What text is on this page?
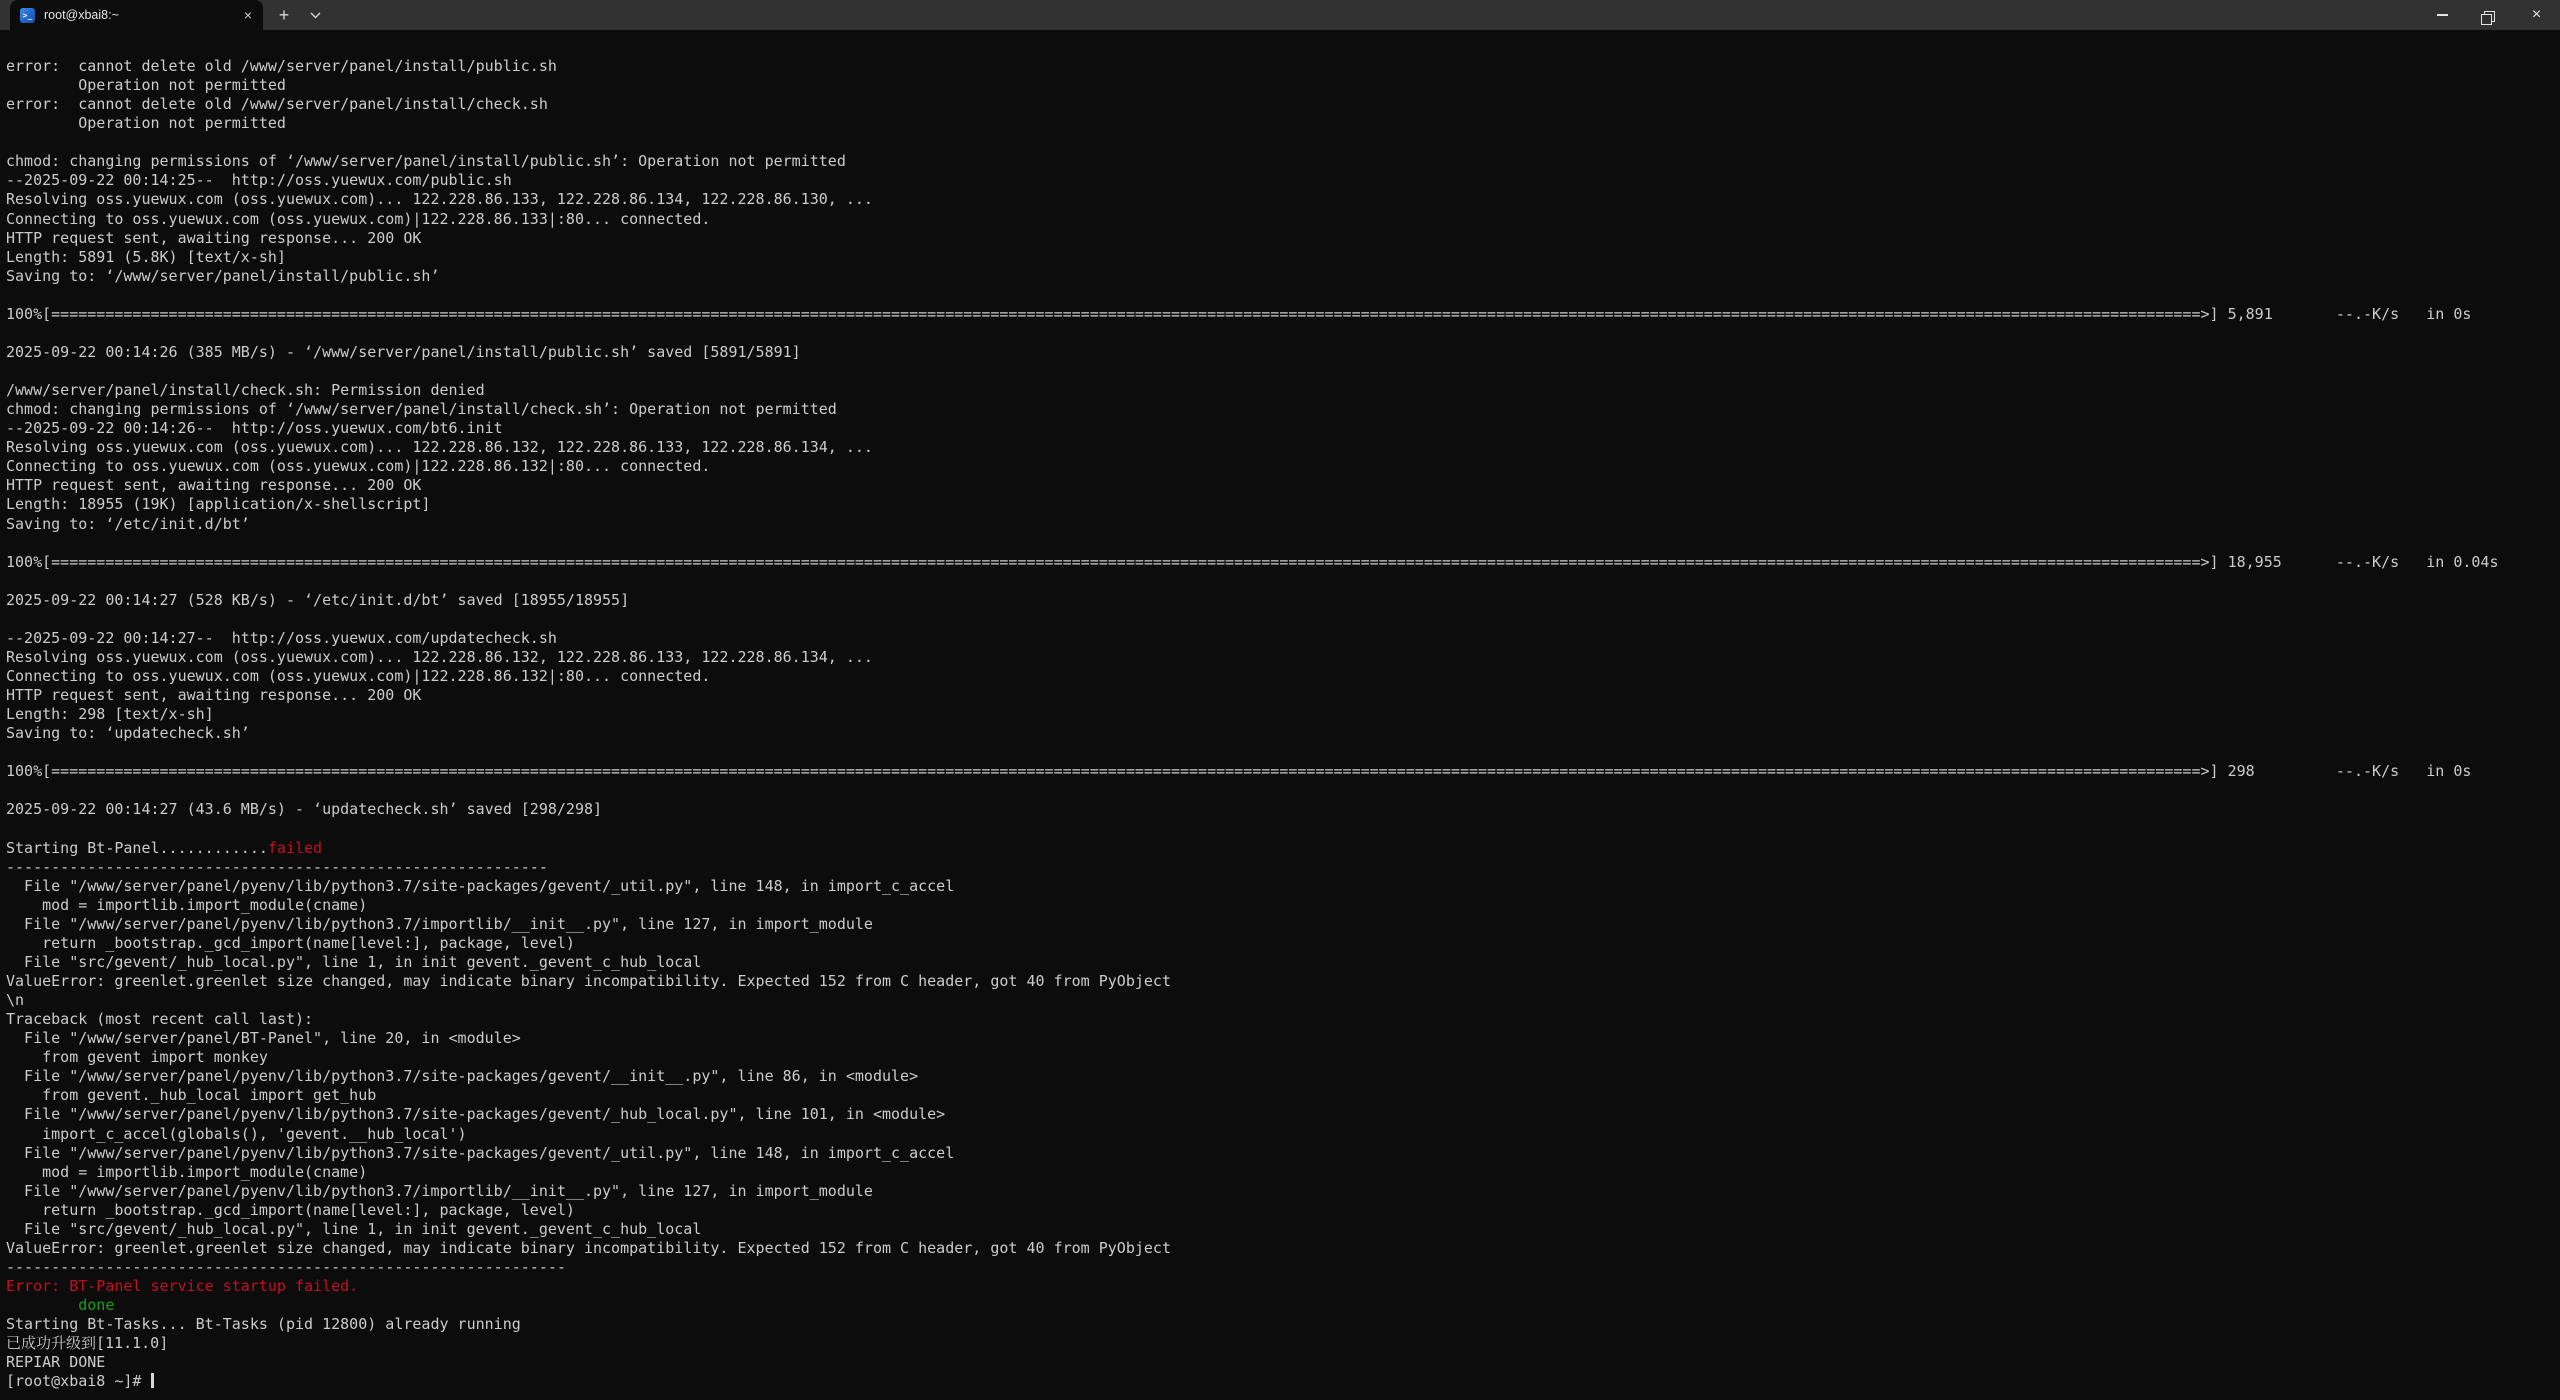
>_ root@xbai8:~	×	+	×
error:  cannot delete old /www/server/panel/install/public.sh
Operation not permitted
error:  cannot delete old /www/server/panel/install/check.sh
Operation not permitted
chmod: changing permissions of ‘/www/server/panel/install/public.sh’: Operation not permitted
--2025-09-22 00:14:25--  http://oss.yuewux.com/public.sh
Resolving oss.yuewux.com (oss.yuewux.com)... 122.228.86.133, 122.228.86.134, 122.228.86.130, ...
Connecting to oss.yuewux.com (oss.yuewux.com)|122.228.86.133|:80... connected.
HTTP request sent, awaiting response... 200 OK
Length: 5891 (5.8K) [text/x-sh]
Saving to: ‘/www/server/panel/install/public.sh’
100%[==============================================================================================================================================================================================================================================>] 5,891       --.-K/s   in 0s
2025-09-22 00:14:26 (385 MB/s) - ‘/www/server/panel/install/public.sh’ saved [5891/5891]
/www/server/panel/install/check.sh: Permission denied
chmod: changing permissions of ‘/www/server/panel/install/check.sh’: Operation not permitted
--2025-09-22 00:14:26--  http://oss.yuewux.com/bt6.init
Resolving oss.yuewux.com (oss.yuewux.com)... 122.228.86.132, 122.228.86.133, 122.228.86.134, ...
Connecting to oss.yuewux.com (oss.yuewux.com)|122.228.86.132|:80... connected.
HTTP request sent, awaiting response... 200 OK
Length: 18955 (19K) [application/x-shellscript]
Saving to: ‘/etc/init.d/bt’
100%[==============================================================================================================================================================================================================================================>] 18,955      --.-K/s   in 0.04s
2025-09-22 00:14:27 (528 KB/s) - ‘/etc/init.d/bt’ saved [18955/18955]
--2025-09-22 00:14:27--  http://oss.yuewux.com/updatecheck.sh
Resolving oss.yuewux.com (oss.yuewux.com)... 122.228.86.132, 122.228.86.133, 122.228.86.134, ...
Connecting to oss.yuewux.com (oss.yuewux.com)|122.228.86.132|:80... connected.
HTTP request sent, awaiting response... 200 OK
Length: 298 [text/x-sh]
Saving to: ‘updatecheck.sh’
100%[==============================================================================================================================================================================================================================================>] 298         --.-K/s   in 0s
2025-09-22 00:14:27 (43.6 MB/s) - ‘updatecheck.sh’ saved [298/298]
Starting Bt-Panel............failed
------------------------------------------------------------
File "/www/server/panel/pyenv/lib/python3.7/site-packages/gevent/_util.py", line 148, in import_c_accel
mod = importlib.import_module(cname)
File "/www/server/panel/pyenv/lib/python3.7/importlib/__init__.py", line 127, in import_module
return _bootstrap._gcd_import(name[level:], package, level)
File "src/gevent/_hub_local.py", line 1, in init gevent._gevent_c_hub_local
ValueError: greenlet.greenlet size changed, may indicate binary incompatibility. Expected 152 from C header, got 40 from PyObject
\n
Traceback (most recent call last):
File "/www/server/panel/BT-Panel", line 20, in <module>
from gevent import monkey
File "/www/server/panel/pyenv/lib/python3.7/site-packages/gevent/__init__.py", line 86, in <module>
from gevent._hub_local import get_hub
File "/www/server/panel/pyenv/lib/python3.7/site-packages/gevent/_hub_local.py", line 101, in <module>
import_c_accel(globals(), 'gevent.__hub_local')
File "/www/server/panel/pyenv/lib/python3.7/site-packages/gevent/_util.py", line 148, in import_c_accel
mod = importlib.import_module(cname)
File "/www/server/panel/pyenv/lib/python3.7/importlib/__init__.py", line 127, in import_module
return _bootstrap._gcd_import(name[level:], package, level)
File "src/gevent/_hub_local.py", line 1, in init gevent._gevent_c_hub_local
ValueError: greenlet.greenlet size changed, may indicate binary incompatibility. Expected 152 from C header, got 40 from PyObject
--------------------------------------------------------------
Error: BT-Panel service startup failed.
done
Starting Bt-Tasks... Bt-Tasks (pid 12800) already running
已成功升级到[11.1.0]
REPIAR DONE
[root@xbai8 ~]#
